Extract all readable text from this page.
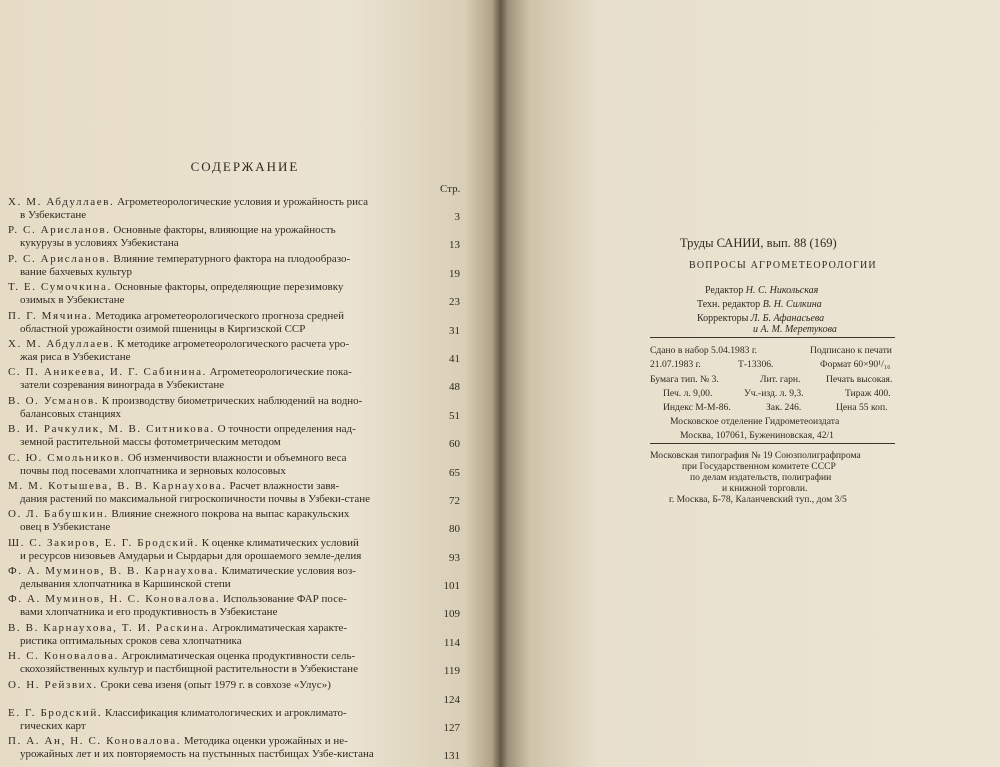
СОДЕРЖАНИЕ
Стр.
Х. М. Абдуллаев. Агрометеорологические условия и урожайность риса
в Узбекистане	3
Р. С. Арисланов. Основные факторы, влияющие на урожайность
кукурузы в условиях Узбекистана	13
Р. С. Арисланов. Влияние температурного фактора на плодообразо-
вание бахчевых культур	19
Т. Е. Сумочкина. Основные факторы, определяющие перезимовку
озимых в Узбекистане	23
П. Г. Мячина. Методика агрометеорологического прогноза средней
областной урожайности озимой пшеницы в Киргизской ССР	31
Х. М. Абдуллаев. К методике агрометеорологического расчета уро-
жая риса в Узбекистане	41
С. П. Аникеева, И. Г. Сабинина. Агрометеорологические пока-
затели созревания винограда в Узбекистане	48
В. О. Усманов. К производству биометрических наблюдений на водно-
балансовых станциях	51
В. И. Рачкулик, М. В. Ситникова. О точности определения над-
земной растительной массы фотометрическим методом	60
С. Ю. Смольников. Об изменчивости влажности и объемного веса
почвы под посевами хлопчатника и зерновых колосовых	65
М. М. Котышева, В. В. Карнаухова. Расчет влажности завя-
дания растений по максимальной гигроскопичности почвы в Узбеки-стане	72
О. Л. Бабушкин. Влияние снежного покрова на выпас каракульских
овец в Узбекистане	80
Ш. С. Закиров, Е. Г. Бродский. К оценке климатических условий
и ресурсов низовьев Амударьи и Сырдарьи для орошаемого земле-делия	93
Ф. А. Муминов, В. В. Карнаухова. Климатические условия воз-
делывания хлопчатника в Каршинской степи	101
Ф. А. Муминов, Н. С. Коновалова. Использование ФАР посе-
вами хлопчатника и его продуктивность в Узбекистане	109
В. В. Карнаухова, Т. И. Раскина. Агроклиматическая характе-
ристика оптимальных сроков сева хлопчатника	114
Н. С. Коновалова. Агроклиматическая оценка продуктивности сель-
скохозяйственных культур и пастбищной растительности в Узбекистане	119
О. Н. Рейзвих. Сроки сева изеня (опыт 1979 г. в совхозе «Улус»)
124
Е. Г. Бродский. Классификация климатологических и агроклимато-
гических карт	127
П. А. Ан, Н. С. Коновалова. Методика оценки урожайных и не-
урожайных лет и их повторяемость на пустынных пастбищах Узбе-кистана	131
Труды САНИИ, вып. 88 (169)
ВОПРОСЫ АГРОМЕТЕОРОЛОГИИ
Редактор Н. С. Никольская
Техн. редактор В. Н. Силкина
Корректоры Л. Б. Афанасьева
и А. М. Меретукова
Сдано в набор 5.04.1983 г.	Подписано к печати
21.07.1983 г.	Т-13306.	Формат 60×90¹/₁₆
Бумага тип. № 3.	Лит. гарн.	Печать высокая.
Печ. л. 9,00.	Уч.-изд. л. 9,3.	Тираж 400.
Индекс М-М-86.	Зак. 246.	Цена 55 коп.
Московское отделение Гидрометеоиздата
Москва, 107061, Бужениновская, 42/1
Московская типография № 19 Союзполиграфпрома
при Государственном комитете СССР
по делам издательств, полиграфии
и книжной торговли.
г. Москва, Б-78, Каланчевский туп., дом 3/5
